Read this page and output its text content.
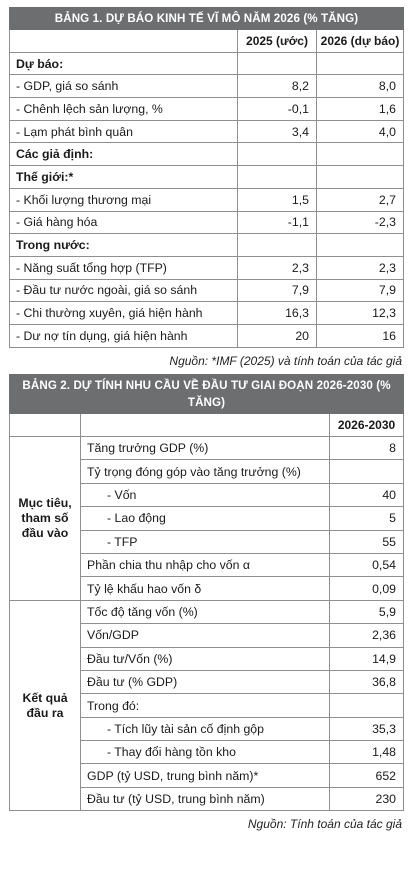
BẢNG 1. DỰ BÁO KINH TẾ VĨ MÔ NĂM 2026 (% TĂNG)		
	2025 (ước)	2026 (dự báo)
Dự báo:		
- GDP, giá so sánh	8,2	8,0
- Chênh lệch sản lượng, %	-0,1	1,6
- Lạm phát bình quân	3,4	4,0
Các giả định:		
Thế giới:*		
- Khối lượng thương mại	1,5	2,7
- Giá hàng hóa	-1,1	-2,3
Trong nước:		
- Năng suất tổng hợp (TFP)	2,3	2,3
- Đầu tư nước ngoài, giá so sánh	7,9	7,9
- Chi thường xuyên, giá hiện hành	16,3	12,3
- Dư nợ tín dụng, giá hiện hành	20	16
Nguồn: *IMF (2025) và tính toán của tác giả
BẢNG 2. DỰ TÍNH NHU CẦU VỀ ĐẦU TƯ GIAI ĐOẠN 2026-2030 (% TĂNG)		
		2026-2030
Mục tiêu, tham số đầu vào	Tăng trưởng GDP (%)	8
	Tỷ trọng đóng góp vào tăng trưởng (%)	
	- Vốn	40
	- Lao động	5
	- TFP	55
	Phần chia thu nhập cho vốn α	0,54
	Tỷ lệ khấu hao vốn δ	0,09
Kết quả đầu ra	Tốc độ tăng vốn (%)	5,9
	Vốn/GDP	2,36
	Đầu tư/Vốn (%)	14,9
	Đầu tư (% GDP)	36,8
	Trong đó:	
	- Tích lũy tài sản cố định gộp	35,3
	- Thay đổi hàng tồn kho	1,48
	GDP (tỷ USD, trung bình năm)*	652
	Đầu tư (tỷ USD, trung bình năm)	230
Nguồn: Tính toán của tác giả
